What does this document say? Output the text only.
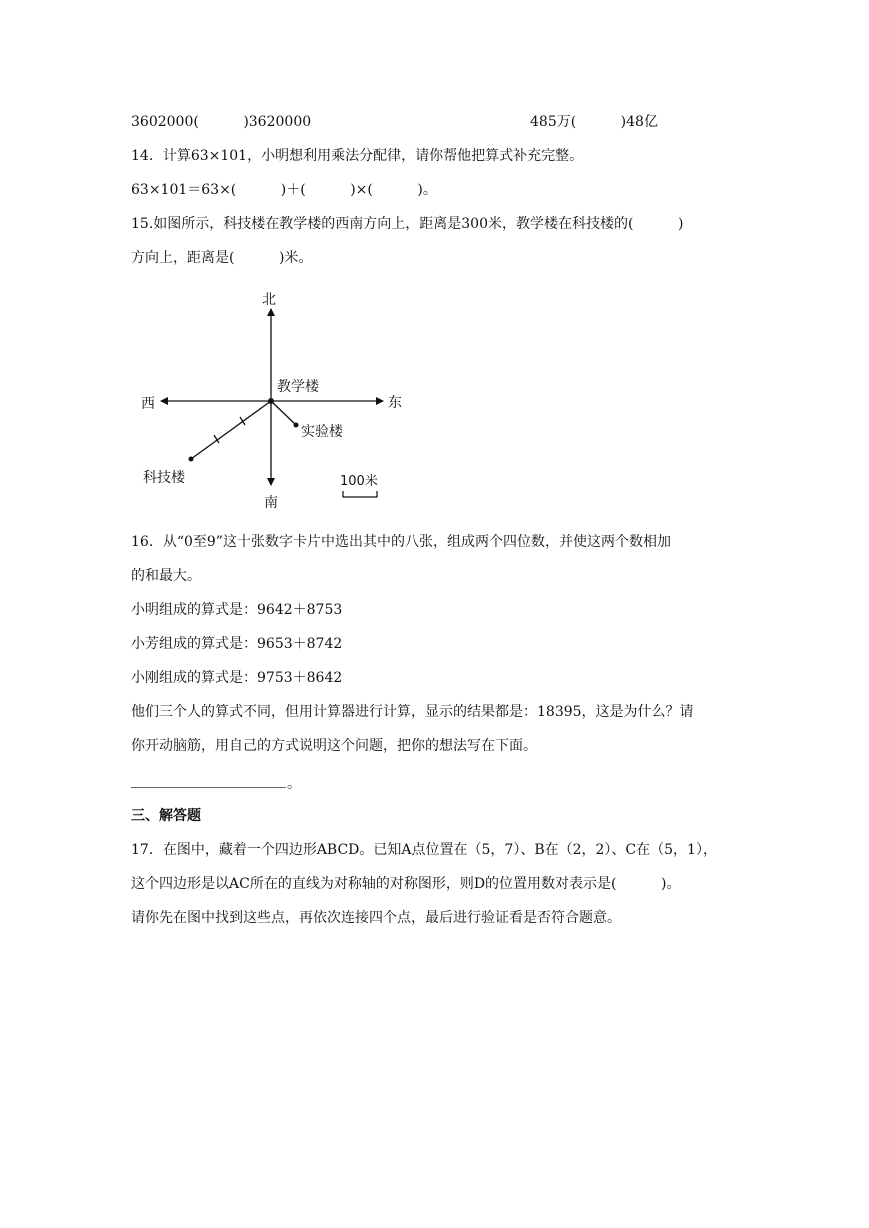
3602000(          )3620000	485万(          )48亿
14．计算63×101，小明想利用乘法分配律，请你帮他把算式补充完整。
63×101＝63×(          )＋(          )×(          )。
15.如图所示，科技楼在教学楼的西南方向上，距离是300米，教学楼在科技楼的(          )
方向上，距离是(          )米。
北
南
东
西
教学楼
实验楼
科技楼	100米
16．从“0至9”这十张数字卡片中选出其中的八张，组成两个四位数，并使这两个数相加
的和最大。
小明组成的算式是：9642＋8753
小芳组成的算式是：9653＋8742
小刚组成的算式是：9753＋8642
他们三个人的算式不同，但用计算器进行计算，显示的结果都是：18395，这是为什么？请
你开动脑筋，用自己的方式说明这个问题，把你的想法写在下面。
。
三、解答题
17．在图中，藏着一个四边形ABCD。已知A点位置在（5，7）、B在（2，2）、C在（5，1），
这个四边形是以AC所在的直线为对称轴的对称图形，则D的位置用数对表示是(          )。
请你先在图中找到这些点，再依次连接四个点，最后进行验证看是否符合题意。
